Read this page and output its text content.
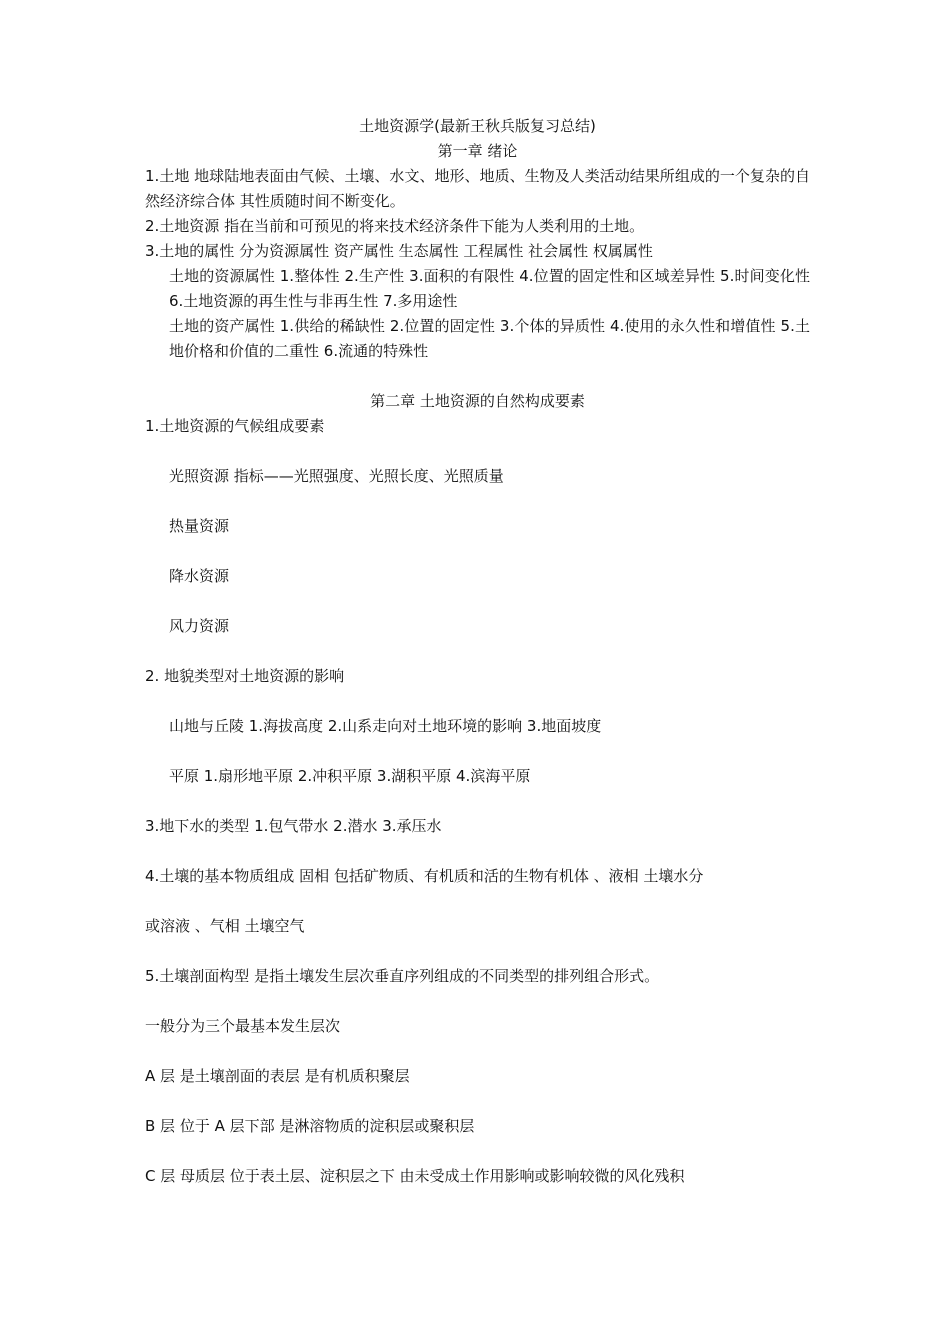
土地资源学(最新王秋兵版复习总结)
第一章 绪论

1.土地 地球陆地表面由气候、土壤、水文、地形、地质、生物及人类活动结果所组成的一个复杂的自然经济综合体 其性质随时间不断变化。

2.土地资源 指在当前和可预见的将来技术经济条件下能为人类利用的土地。

3.土地的属性 分为资源属性 资产属性 生态属性 工程属性 社会属性 权属属性

土地的资源属性 1.整体性 2.生产性 3.面积的有限性 4.位置的固定性和区域差异性 5.时间变化性 6.土地资源的再生性与非再生性 7.多用途性

土地的资产属性 1.供给的稀缺性 2.位置的固定性 3.个体的异质性 4.使用的永久性和增值性 5.土地价格和价值的二重性 6.流通的特殊性

第二章 土地资源的自然构成要素

1.土地资源的气候组成要素

光照资源 指标——光照强度、光照长度、光照质量

热量资源

降水资源

风力资源

2. 地貌类型对土地资源的影响

山地与丘陵 1.海拔高度 2.山系走向对土地环境的影响 3.地面坡度

平原 1.扇形地平原 2.冲积平原 3.湖积平原 4.滨海平原

3.地下水的类型 1.包气带水 2.潜水 3.承压水

4.土壤的基本物质组成 固相 包括矿物质、有机质和活的生物有机体 、液相 土壤水分

或溶液 、气相 土壤空气

5.土壤剖面构型 是指土壤发生层次垂直序列组成的不同类型的排列组合形式。

一般分为三个最基本发生层次

A 层 是土壤剖面的表层 是有机质积聚层

B 层 位于 A 层下部 是淋溶物质的淀积层或聚积层

C 层 母质层 位于表土层、淀积层之下 由未受成土作用影响或影响较微的风化残积
